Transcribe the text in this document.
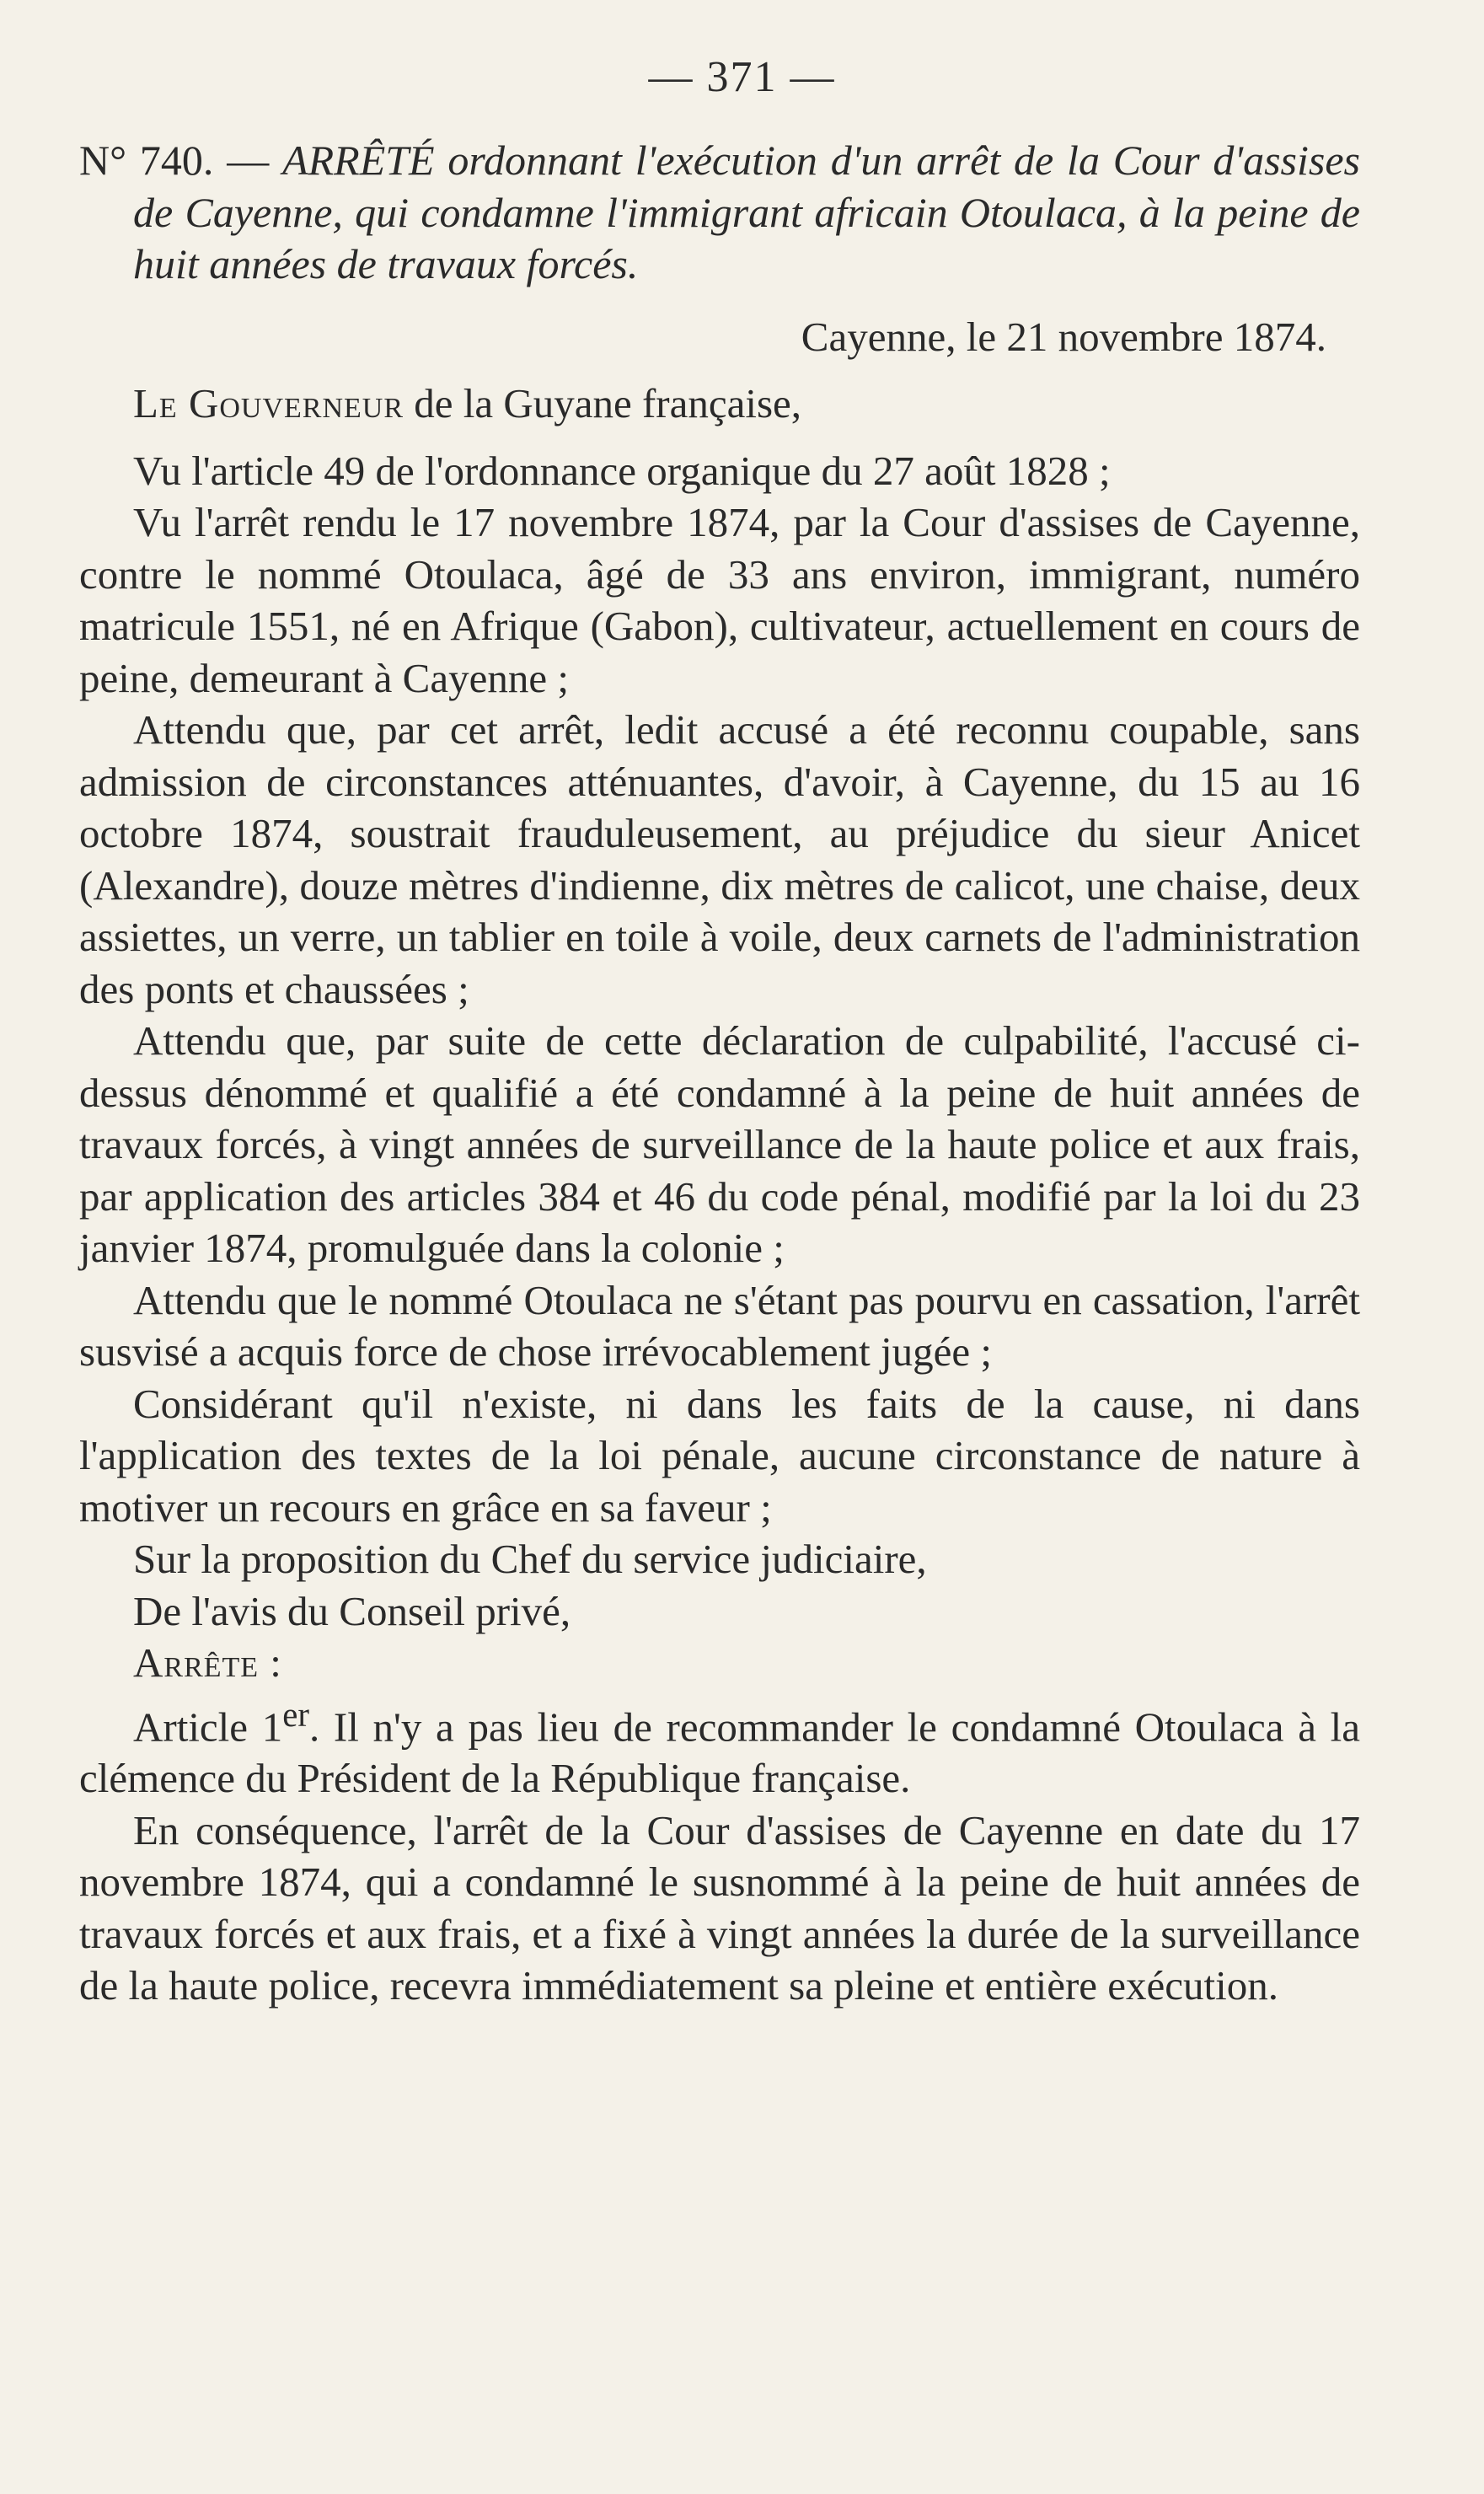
— 371 —

N° 740. — ARRÊTÉ ordonnant l'exécution d'un arrêt de la Cour d'assises de Cayenne, qui condamne l'immigrant africain Otoulaca, à la peine de huit années de travaux forcés.

Cayenne, le 21 novembre 1874.

Le Gouverneur de la Guyane française,

Vu l'article 49 de l'ordonnance organique du 27 août 1828 ;

Vu l'arrêt rendu le 17 novembre 1874, par la Cour d'assises de Cayenne, contre le nommé Otoulaca, âgé de 33 ans environ, immigrant, numéro matricule 1551, né en Afrique (Gabon), cultivateur, actuellement en cours de peine, demeurant à Cayenne ;

Attendu que, par cet arrêt, ledit accusé a été reconnu coupable, sans admission de circonstances atténuantes, d'avoir, à Cayenne, du 15 au 16 octobre 1874, soustrait frauduleusement, au préjudice du sieur Anicet (Alexandre), douze mètres d'indienne, dix mètres de calicot, une chaise, deux assiettes, un verre, un tablier en toile à voile, deux carnets de l'administration des ponts et chaussées ;

Attendu que, par suite de cette déclaration de culpabilité, l'accusé ci-dessus dénommé et qualifié a été condamné à la peine de huit années de travaux forcés, à vingt années de surveillance de la haute police et aux frais, par application des articles 384 et 46 du code pénal, modifié par la loi du 23 janvier 1874, promulguée dans la colonie ;

Attendu que le nommé Otoulaca ne s'étant pas pourvu en cassation, l'arrêt susvisé a acquis force de chose irrévocablement jugée ;

Considérant qu'il n'existe, ni dans les faits de la cause, ni dans l'application des textes de la loi pénale, aucune circonstance de nature à motiver un recours en grâce en sa faveur ;

Sur la proposition du Chef du service judiciaire,

De l'avis du Conseil privé,

Arrête :

Article 1er. Il n'y a pas lieu de recommander le condamné Otoulaca à la clémence du Président de la République française.

En conséquence, l'arrêt de la Cour d'assises de Cayenne en date du 17 novembre 1874, qui a condamné le susnommé à la peine de huit années de travaux forcés et aux frais, et a fixé à vingt années la durée de la surveillance de la haute police, recevra immédiatement sa pleine et entière exécution.
